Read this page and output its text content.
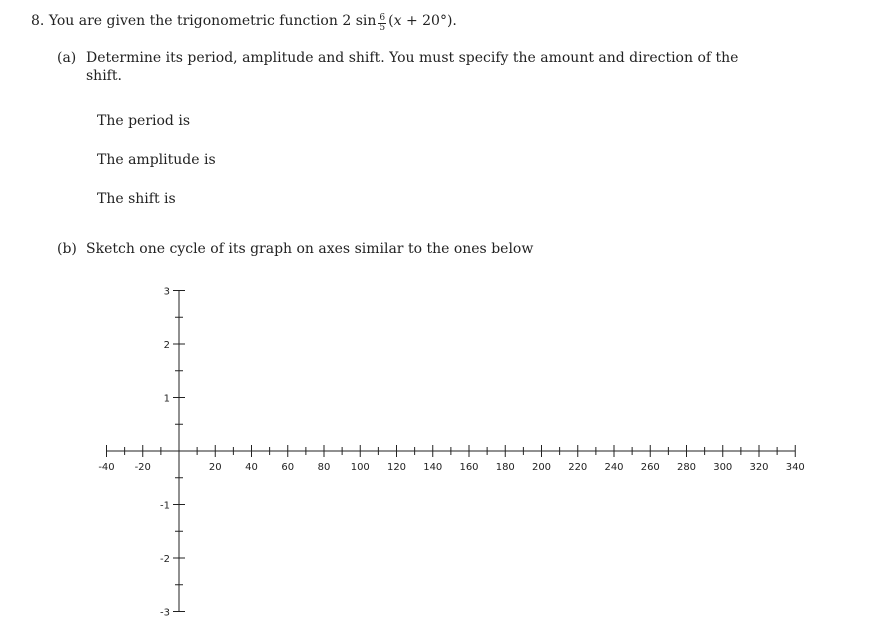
8. You are given the trigonometric function 2 $\sin \frac{6}{5} (x + 20^\circ)$.
(a) Determine its period, amplitude and shift. You must specify the amount and direction of the
shift.
The period is
The amplitude is
The shift is
(b) Sketch one cycle of its graph on axes similar to the ones below
-40 -20	20 40 60 80 100 120 140 160 180 200 220 240 260 280 300 320 340
3
2
1
-1
-2
-3
